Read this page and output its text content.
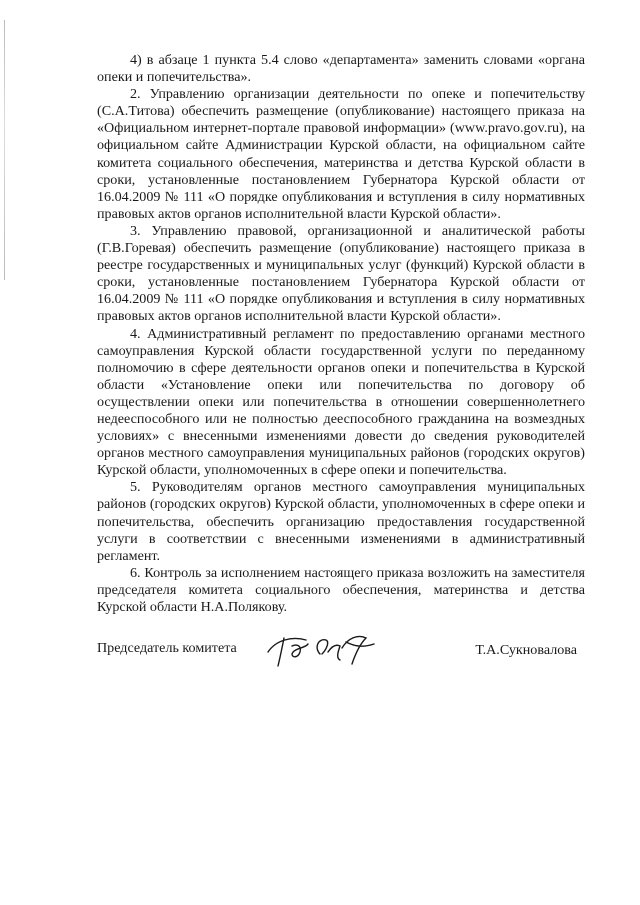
4) в абзаце 1 пункта 5.4 слово «департамента» заменить словами «органа опеки и попечительства».

2. Управлению организации деятельности по опеке и попечительству (С.А.Титова) обеспечить размещение (опубликование) настоящего приказа на «Официальном интернет-портале правовой информации» (www.pravo.gov.ru), на официальном сайте Администрации Курской области, на официальном сайте комитета социального обеспечения, материнства и детства Курской области в сроки, установленные постановлением Губернатора Курской области от 16.04.2009 № 111 «О порядке опубликования и вступления в силу нормативных правовых актов органов исполнительной власти Курской области».

3. Управлению правовой, организационной и аналитической работы (Г.В.Горевая) обеспечить размещение (опубликование) настоящего приказа в реестре государственных и муниципальных услуг (функций) Курской области в сроки, установленные постановлением Губернатора Курской области от 16.04.2009 № 111 «О порядке опубликования и вступления в силу нормативных правовых актов органов исполнительной власти Курской области».

4. Административный регламент по предоставлению органами местного самоуправления Курской области государственной услуги по переданному полномочию в сфере деятельности органов опеки и попечительства в Курской области «Установление опеки или попечительства по договору об осуществлении опеки или попечительства в отношении совершеннолетнего недееспособного или не полностью дееспособного гражданина на возмездных условиях» с внесенными изменениями довести до сведения руководителей органов местного самоуправления муниципальных районов (городских округов) Курской области, уполномоченных в сфере опеки и попечительства.

5. Руководителям органов местного самоуправления муниципальных районов (городских округов) Курской области, уполномоченных в сфере опеки и попечительства, обеспечить организацию предоставления государственной услуги в соответствии с внесенными изменениями в административный регламент.

6. Контроль за исполнением настоящего приказа возложить на заместителя председателя комитета социального обеспечения, материнства и детства Курской области Н.А.Полякову.

Председатель комитета	Т.А.Сукновалова
